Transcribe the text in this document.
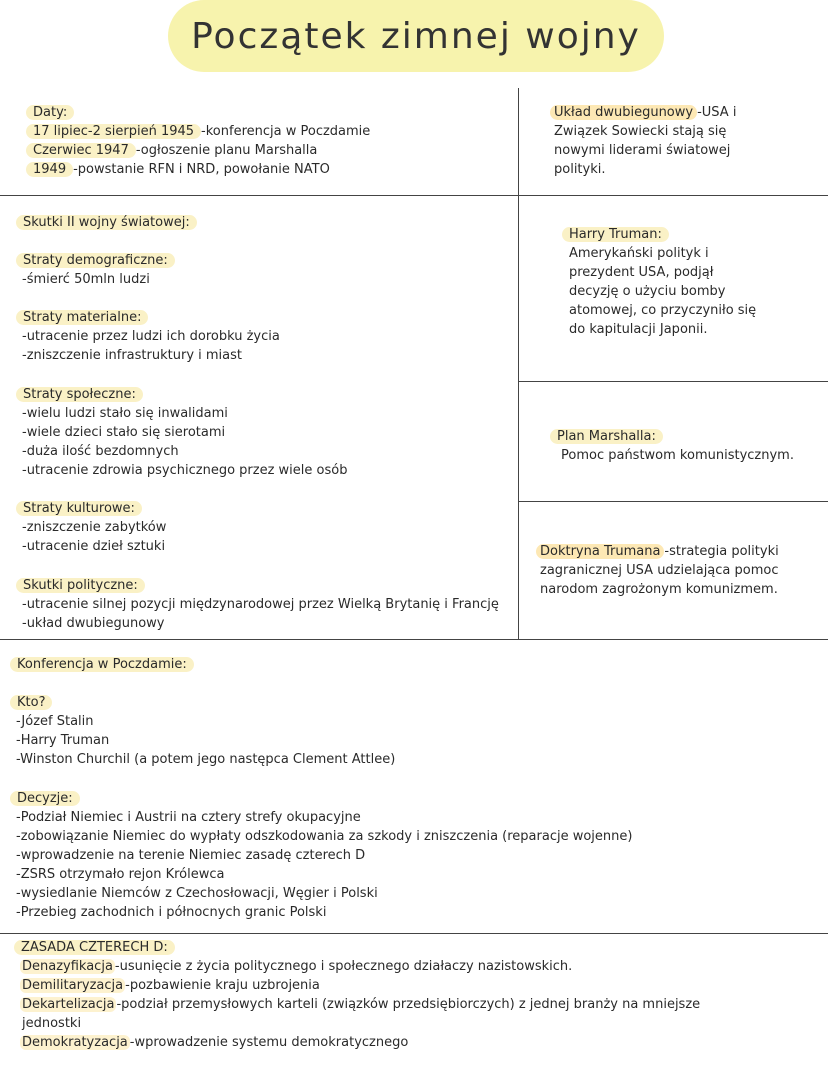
Początek zimnej wojny
Daty:
17 lipiec-2 sierpień 1945 -konferencja w Poczdamie
Czerwiec 1947 -ogłoszenie planu Marshalla
1949 -powstanie RFN i NRD, powołanie NATO
Układ dwubiegunowy -USA i
Związek Sowiecki stają się
nowymi liderami światowej
polityki.
Skutki II wojny światowej:
Straty demograficzne:
-śmierć 50mln ludzi
Straty materialne:
-utracenie przez ludzi ich dorobku życia
-zniszczenie infrastruktury i miast
Straty społeczne:
-wielu ludzi stało się inwalidami
-wiele dzieci stało się sierotami
-duża ilość bezdomnych
-utracenie zdrowia psychicznego przez wiele osób
Straty kulturowe:
-zniszczenie zabytków
-utracenie dzieł sztuki
Skutki polityczne:
-utracenie silnej pozycji międzynarodowej przez Wielką Brytanię i Francję
-układ dwubiegunowy
Harry Truman:
Amerykański polityk i
prezydent USA, podjął
decyzję o użyciu bomby
atomowej, co przyczyniło się
do kapitulacji Japonii.
Plan Marshalla:
Pomoc państwom komunistycznym.
Doktryna Trumana -strategia polityki
zagranicznej USA udzielająca pomoc
narodom zagrożonym komunizmem.
Konferencja w Poczdamie:
Kto?
-Józef Stalin
-Harry Truman
-Winston Churchil (a potem jego następca Clement Attlee)
Decyzje:
-Podział Niemiec i Austrii na cztery strefy okupacyjne
-zobowiązanie Niemiec do wypłaty odszkodowania za szkody i zniszczenia (reparacje wojenne)
-wprowadzenie na terenie Niemiec zasadę czterech D
-ZSRS otrzymało rejon Królewca
-wysiedlanie Niemców z Czechosłowacji, Węgier i Polski
-Przebieg zachodnich i północnych granic Polski
ZASADA CZTERECH D:
Denazyfikacja -usunięcie z życia politycznego i społecznego działaczy nazistowskich.
Demilitaryzacja -pozbawienie kraju uzbrojenia
Dekartelizacja -podział przemysłowych karteli (związków przedsiębiorczych) z jednej branży na mniejsze
jednostki
Demokratyzacja -wprowadzenie systemu demokratycznego
